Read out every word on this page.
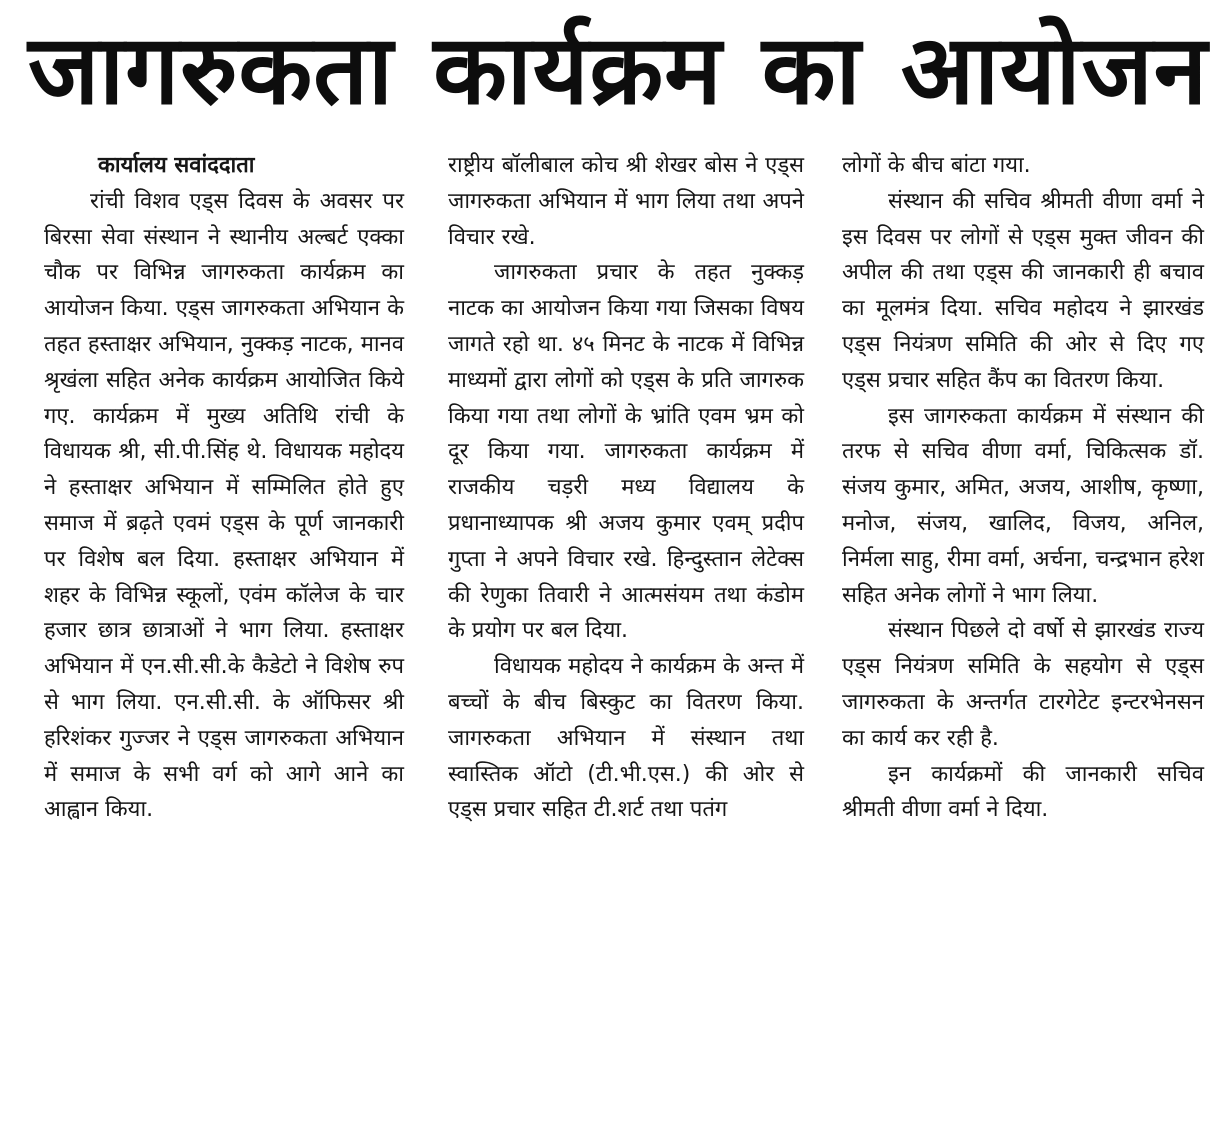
जागरुकता कार्यक्रम का आयोजन
कार्यालय सवांददाता

रांची विशव एड्स दिवस के अवसर पर बिरसा सेवा संस्थान ने स्थानीय अल्बर्ट एक्का चौक पर विभिन्न जागरुकता कार्यक्रम का आयोजन किया. एड्स जागरुकता अभियान के तहत हस्ताक्षर अभियान, नुक्कड़ नाटक, मानव श्रृखंला सहित अनेक कार्यक्रम आयोजित किये गए. कार्यक्रम में मुख्य अतिथि रांची के विधायक श्री, सी.पी.सिंह थे. विधायक महोदय ने हस्ताक्षर अभियान में सम्मिलित होते हुए समाज में ब्रढ़ते एवमं एड्स के पूर्ण जानकारी पर विशेष बल दिया. हस्ताक्षर अभियान में शहर के विभिन्न स्कूलों, एवंम कॉलेज के चार हजार छात्र छात्राओं ने भाग लिया. हस्ताक्षर अभियान में एन.सी.सी.के कैडेटो ने विशेष रुप से भाग लिया. एन.सी.सी. के ऑफिसर श्री हरिशंकर गुज्जर ने एड्स जागरुकता अभियान में समाज के सभी वर्ग को आगे आने का आह्वान किया.

राष्ट्रीय बॉलीबाल कोच श्री शेखर बोस ने एड्स जागरुकता अभियान में भाग लिया तथा अपने विचार रखे.

जागरुकता प्रचार के तहत नुक्कड़ नाटक का आयोजन किया गया जिसका विषय जागते रहो था. ४५ मिनट के नाटक में विभिन्न माध्यमों द्वारा लोगों को एड्स के प्रति जागरुक किया गया तथा लोगों के भ्रांति एवम भ्रम को दूर किया गया. जागरुकता कार्यक्रम में राजकीय चड़री मध्य विद्यालय के प्रधानाध्यापक श्री अजय कुमार एवम् प्रदीप गुप्ता ने अपने विचार रखे. हिन्दुस्तान लेटेक्स की रेणुका तिवारी ने आत्मसंयम तथा कंडोम के प्रयोग पर बल दिया.

विधायक महोदय ने कार्यक्रम के अन्त में बच्चों के बीच बिस्कुट का वितरण किया. जागरुकता अभियान में संस्थान तथा स्वास्तिक ऑटो (टी.भी.एस.) की ओर से एड्स प्रचार सहित टी.शर्ट तथा पतंग

लोगों के बीच बांटा गया.

संस्थान की सचिव श्रीमती वीणा वर्मा ने इस दिवस पर लोगों से एड्स मुक्त जीवन की अपील की तथा एड्स की जानकारी ही बचाव का मूलमंत्र दिया. सचिव महोदय ने झारखंड एड्स नियंत्रण समिति की ओर से दिए गए एड्स प्रचार सहित कैंप का वितरण किया.

इस जागरुकता कार्यक्रम में संस्थान की तरफ से सचिव वीणा वर्मा, चिकित्सक डॉ. संजय कुमार, अमित, अजय, आशीष, कृष्णा, मनोज, संजय, खालिद, विजय, अनिल, निर्मला साहु, रीमा वर्मा, अर्चना, चन्द्रभान हरेश सहित अनेक लोगों ने भाग लिया.

संस्थान पिछले दो वर्षो से झारखंड राज्य एड्स नियंत्रण समिति के सहयोग से एड्स जागरुकता के अन्तर्गत टारगेटेट इन्टरभेनसन का कार्य कर रही है.

इन कार्यक्रमों की जानकारी सचिव श्रीमती वीणा वर्मा ने दिया.
